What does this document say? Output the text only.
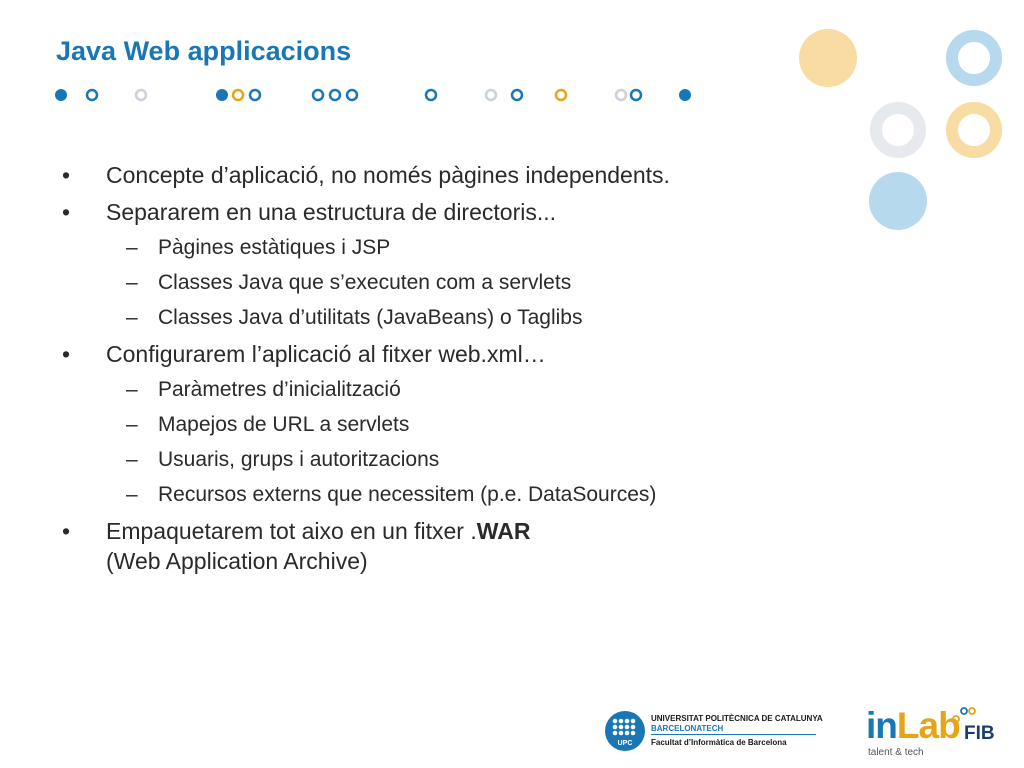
Java Web applicacions
• Concepte d’aplicació, no només pàgines independents.
• Separarem en una estructura de directoris...
– Pàgines estàtiques i JSP
– Classes Java que s’executen com a servlets
– Classes Java d’utilitats (JavaBeans) o Taglibs
• Configurarem l’aplicació al fitxer web.xml…
– Paràmetres d’inicialització
– Mapejos de URL a servlets
– Usuaris, grups i autoritzacions
– Recursos externs que necessitem (p.e. DataSources)
• Empaquetarem tot aixo en un fitxer .WAR
(Web Application Archive)
UPC
UNIVERSITAT POLITÈCNICA DE CATALUNYA
BARCELONATECH
Facultat d’Informàtica de Barcelona inLab FIB
talent & tech
